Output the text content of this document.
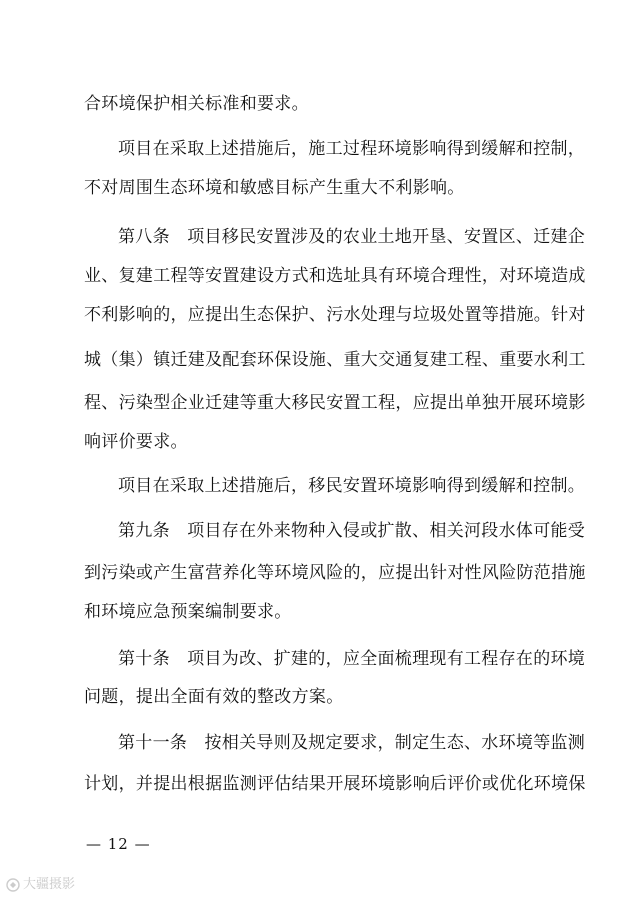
合环境保护相关标准和要求。
项目在采取上述措施后，施工过程环境影响得到缓解和控制，
不对周围生态环境和敏感目标产生重大不利影响。
第八条　项目移民安置涉及的农业土地开垦、安置区、迁建企
业、复建工程等安置建设方式和选址具有环境合理性，对环境造成
不利影响的，应提出生态保护、污水处理与垃圾处置等措施。针对
城（集）镇迁建及配套环保设施、重大交通复建工程、重要水利工
程、污染型企业迁建等重大移民安置工程，应提出单独开展环境影
响评价要求。
项目在采取上述措施后，移民安置环境影响得到缓解和控制。
第九条　项目存在外来物种入侵或扩散、相关河段水体可能受
到污染或产生富营养化等环境风险的，应提出针对性风险防范措施
和环境应急预案编制要求。
第十条　项目为改、扩建的，应全面梳理现有工程存在的环境
问题，提出全面有效的整改方案。
第十一条　按相关导则及规定要求，制定生态、水环境等监测
计划，并提出根据监测评估结果开展环境影响后评价或优化环境保
— 12 —
大疆摄影
